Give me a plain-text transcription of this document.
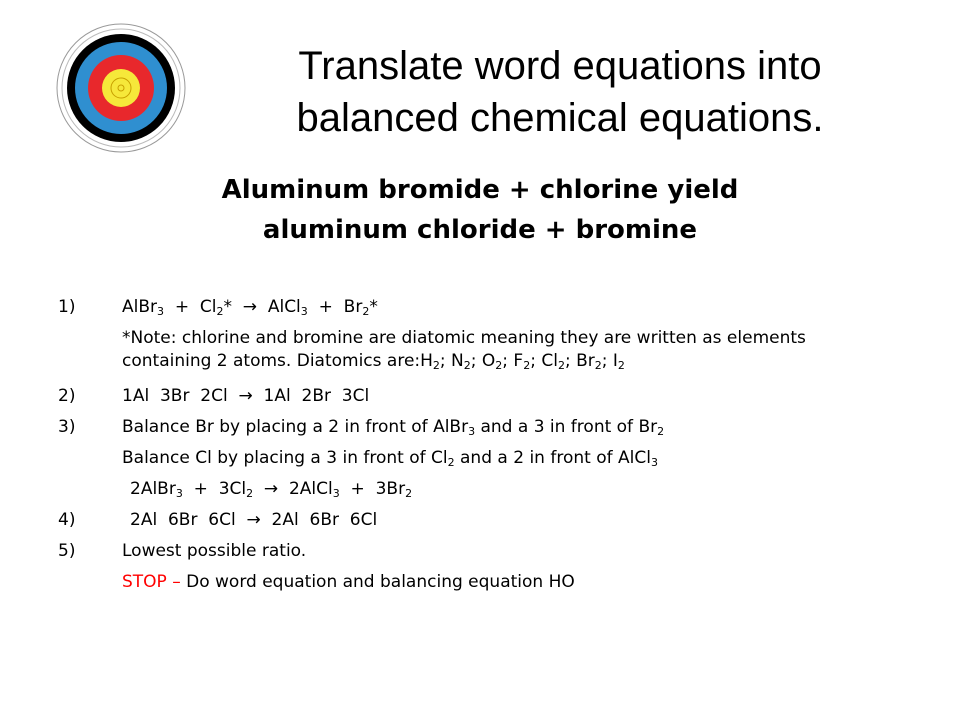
Translate word equations into
balanced chemical equations.
Aluminum bromide + chlorine yield
aluminum chloride + bromine
1)	AlBr$_3$  +  $Cl_2*$  →  AlCl$_3$  +  $Br_2*$
*Note: chlorine and bromine are diatomic meaning they are written as elements containing 2 atoms. Diatomics $are:H_2$; $N_2$; $O_2$; $F_2$; $Cl_2$; $Br_2$; $I_2$
2)	1Al  3Br  2Cl  →  1Al  2Br  3Cl
3)	Balance Br by placing a 2 in front of AlBr$_3$ and a 3 in front of $Br_2$
Balance Cl by placing a 3 in front of $Cl_2$ and a 2 in front of AlCl$_3$
2AlBr$_3$  +  $3Cl_2$ →  2AlCl$_3$  +  $3Br_2$
4)	2Al  6Br  6Cl  →  2Al  6Br  6Cl
5)	Lowest possible ratio.
STOP – Do word equation and balancing equation HO
